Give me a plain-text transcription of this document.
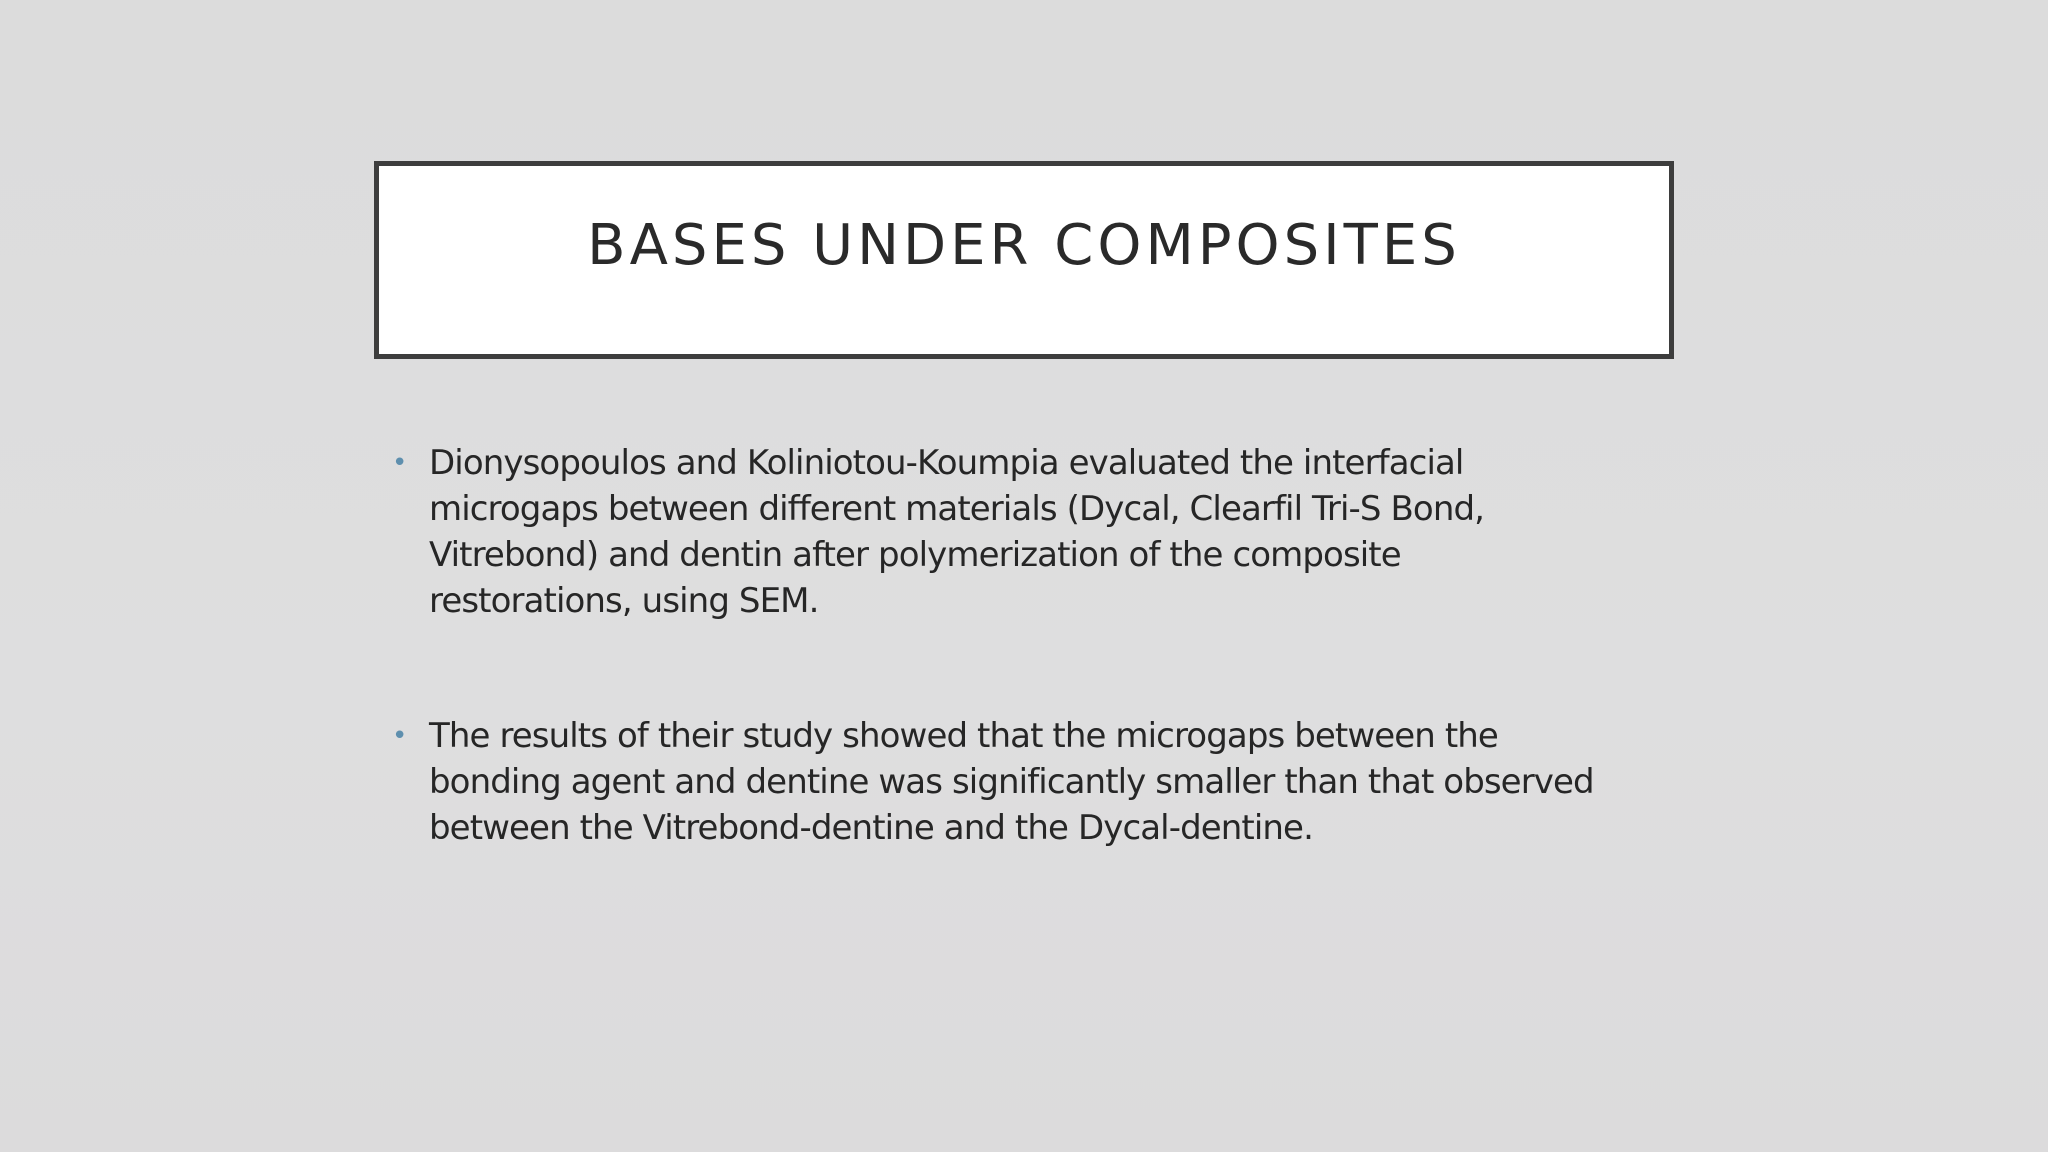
BASES UNDER COMPOSITES
• Dionysopoulos and Koliniotou-Koumpia evaluated the interfacial
microgaps between different materials (Dycal, Clearfil Tri-S Bond,
Vitrebond) and dentin after polymerization of the composite
restorations, using SEM.
• The results of their study showed that the microgaps between the
bonding agent and dentine was significantly smaller than that observed
between the Vitrebond-dentine and the Dycal-dentine.
